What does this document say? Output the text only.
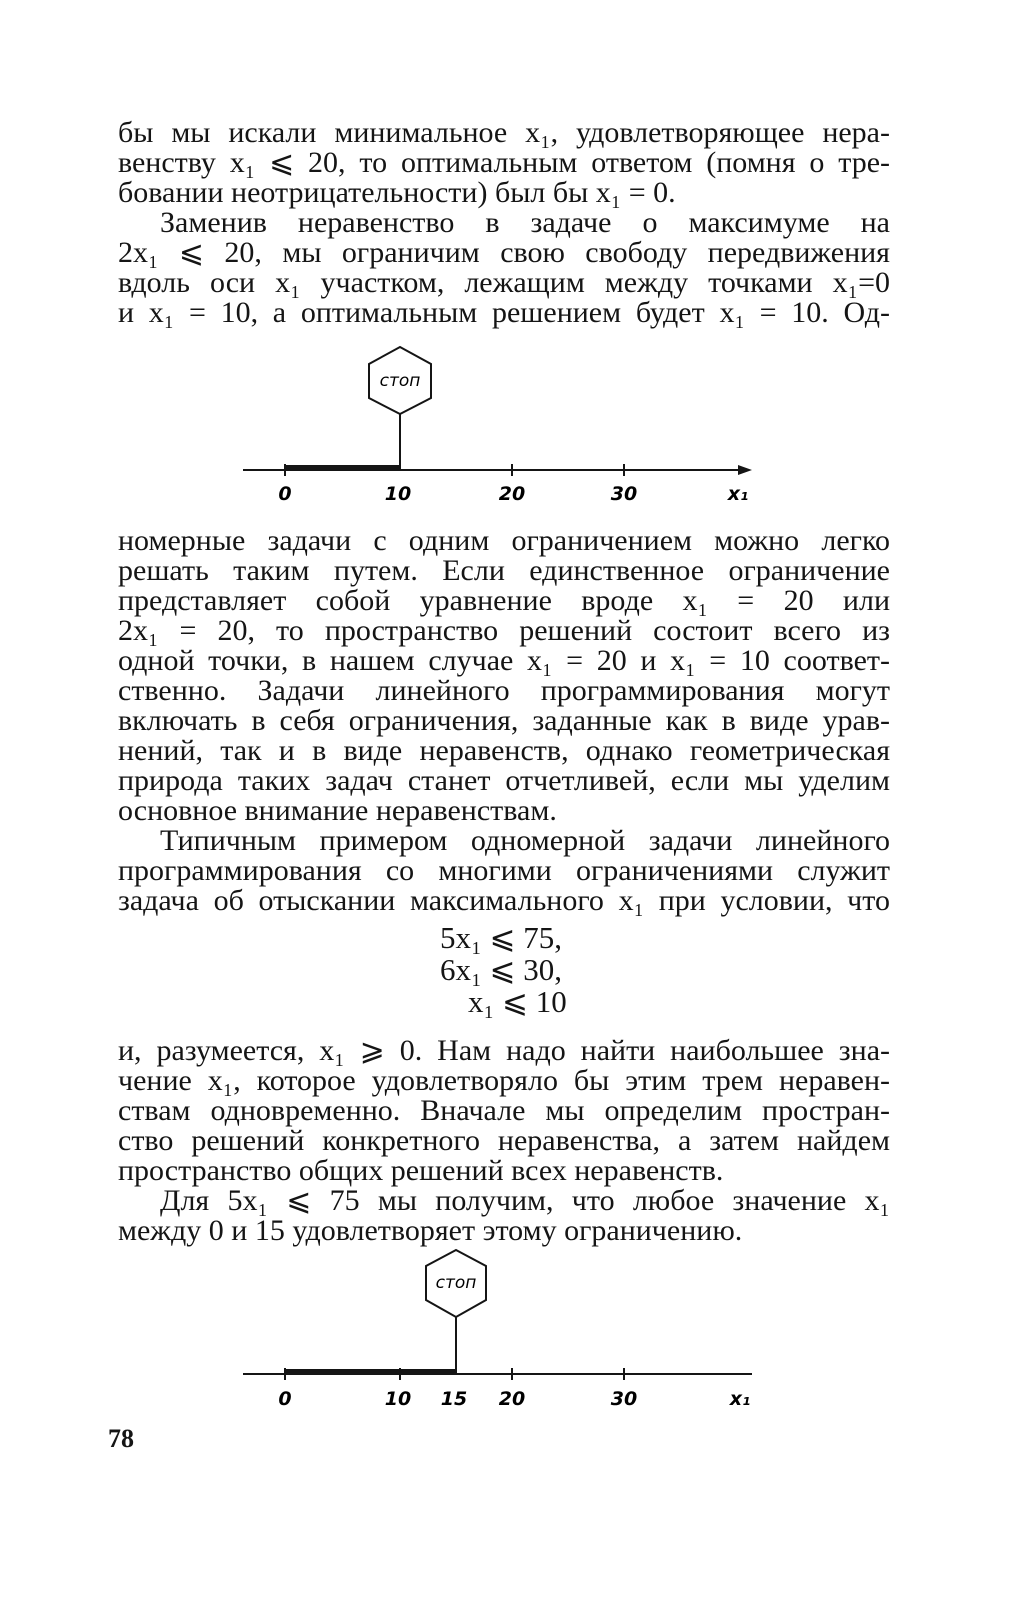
бы мы искали минимальное x₁, удовлетворяющее нера-
венству x₁ ⩽ 20, то оптимальным ответом (помня о тре-
бовании неотрицательности) был бы x₁ = 0.
Заменив неравенство в задаче о максимуме на
2x₁ ⩽ 20, мы ограничим свою свободу передвижения
вдоль оси x₁ участком, лежащим между точками x₁=0
и x₁ = 10, а оптимальным решением будет x₁ = 10. Од-
стоп
0	10	20	30	x₁
номерные задачи с одним ограничением можно легко
решать таким путем. Если единственное ограничение
представляет собой уравнение вроде x₁ = 20 или
2x₁ = 20, то пространство решений состоит всего из
одной точки, в нашем случае x₁ = 20 и x₁ = 10 соответ-
ственно. Задачи линейного программирования могут
включать в себя ограничения, заданные как в виде урав-
нений, так и в виде неравенств, однако геометрическая
природа таких задач станет отчетливей, если мы уделим
основное внимание неравенствам.
Типичным примером одномерной задачи линейного
программирования со многими ограничениями служит
задача об отыскании максимального x₁ при условии, что
5x₁ ⩽ 75,
6x₁ ⩽ 30,
x₁ ⩽ 10
и, разумеется, x₁ ⩾ 0. Нам надо найти наибольшее зна-
чение x₁, которое удовлетворяло бы этим трем неравен-
ствам одновременно. Вначале мы определим простран-
ство решений конкретного неравенства, а затем найдем
пространство общих решений всех неравенств.
Для 5x₁ ⩽ 75 мы получим, что любое значение x₁
между 0 и 15 удовлетворяет этому ограничению.
стоп
0	10 15 20	30	x₁
78
